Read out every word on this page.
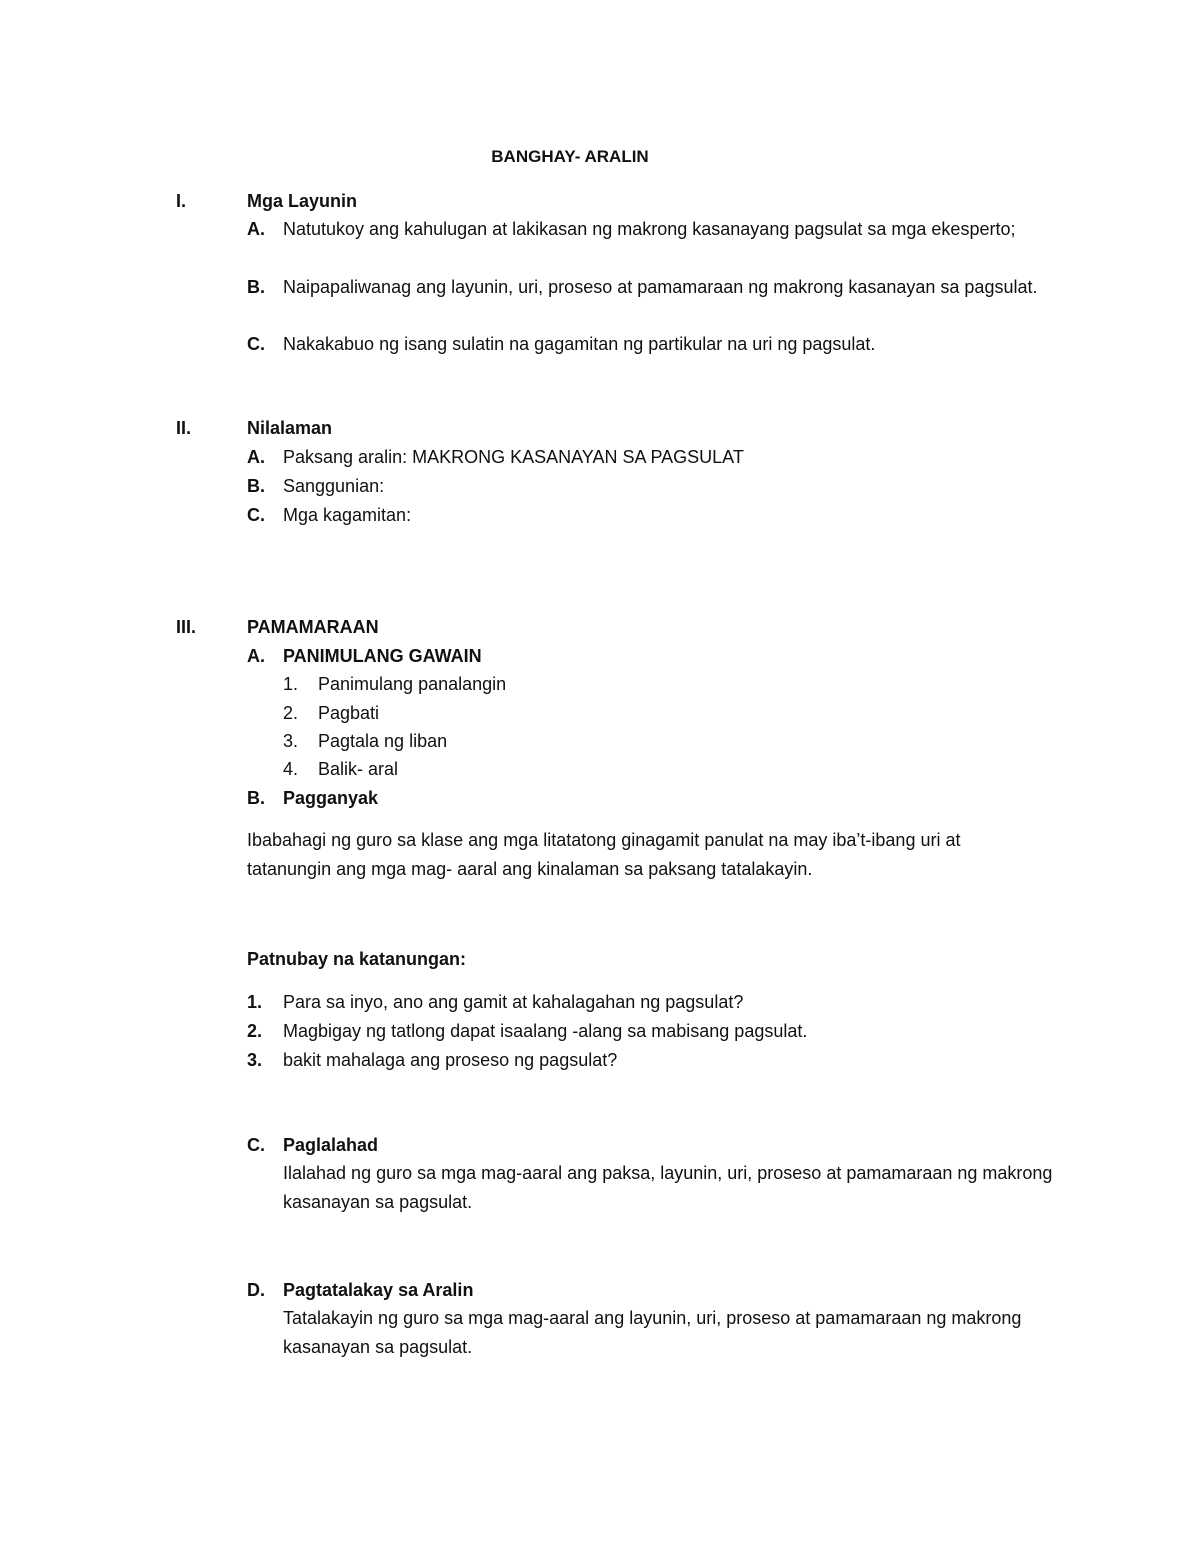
BANGHAY- ARALIN
I.	Mga Layunin
A. Natutukoy ang kahulugan at lakikasan ng makrong kasanayang pagsulat sa mga ekesperto;
B. Naipapaliwanag ang layunin, uri, proseso at pamamaraan ng makrong kasanayan sa pagsulat.
C. Nakakabuo ng isang sulatin na gagamitan ng partikular na uri ng pagsulat.
II.	Nilalaman
A. Paksang aralin: MAKRONG KASANAYAN SA PAGSULAT
B. Sanggunian:
C. Mga kagamitan:
III.	PAMAMARAAN
A. PANIMULANG GAWAIN
1. Panimulang panalangin
2. Pagbati
3. Pagtala ng liban
4. Balik- aral
B. Pagganyak
Ibabahagi ng guro sa klase ang mga litatatong ginagamit panulat na may iba’t-ibang uri at tatanungin ang mga mag- aaral ang kinalaman sa paksang tatalakayin.
Patnubay na katanungan:
1. Para sa inyo, ano ang gamit at kahalagahan ng pagsulat?
2. Magbigay ng tatlong dapat isaalang -alang sa mabisang pagsulat.
3. bakit mahalaga ang proseso ng pagsulat?
C. Paglalahad
Ilalahad ng guro sa mga mag-aaral ang paksa, layunin, uri, proseso at pamamaraan ng makrong kasanayan sa pagsulat.
D. Pagtatalakay sa Aralin
Tatalakayin ng guro sa mga mag-aaral ang layunin, uri, proseso at pamamaraan ng makrong kasanayan sa pagsulat.
